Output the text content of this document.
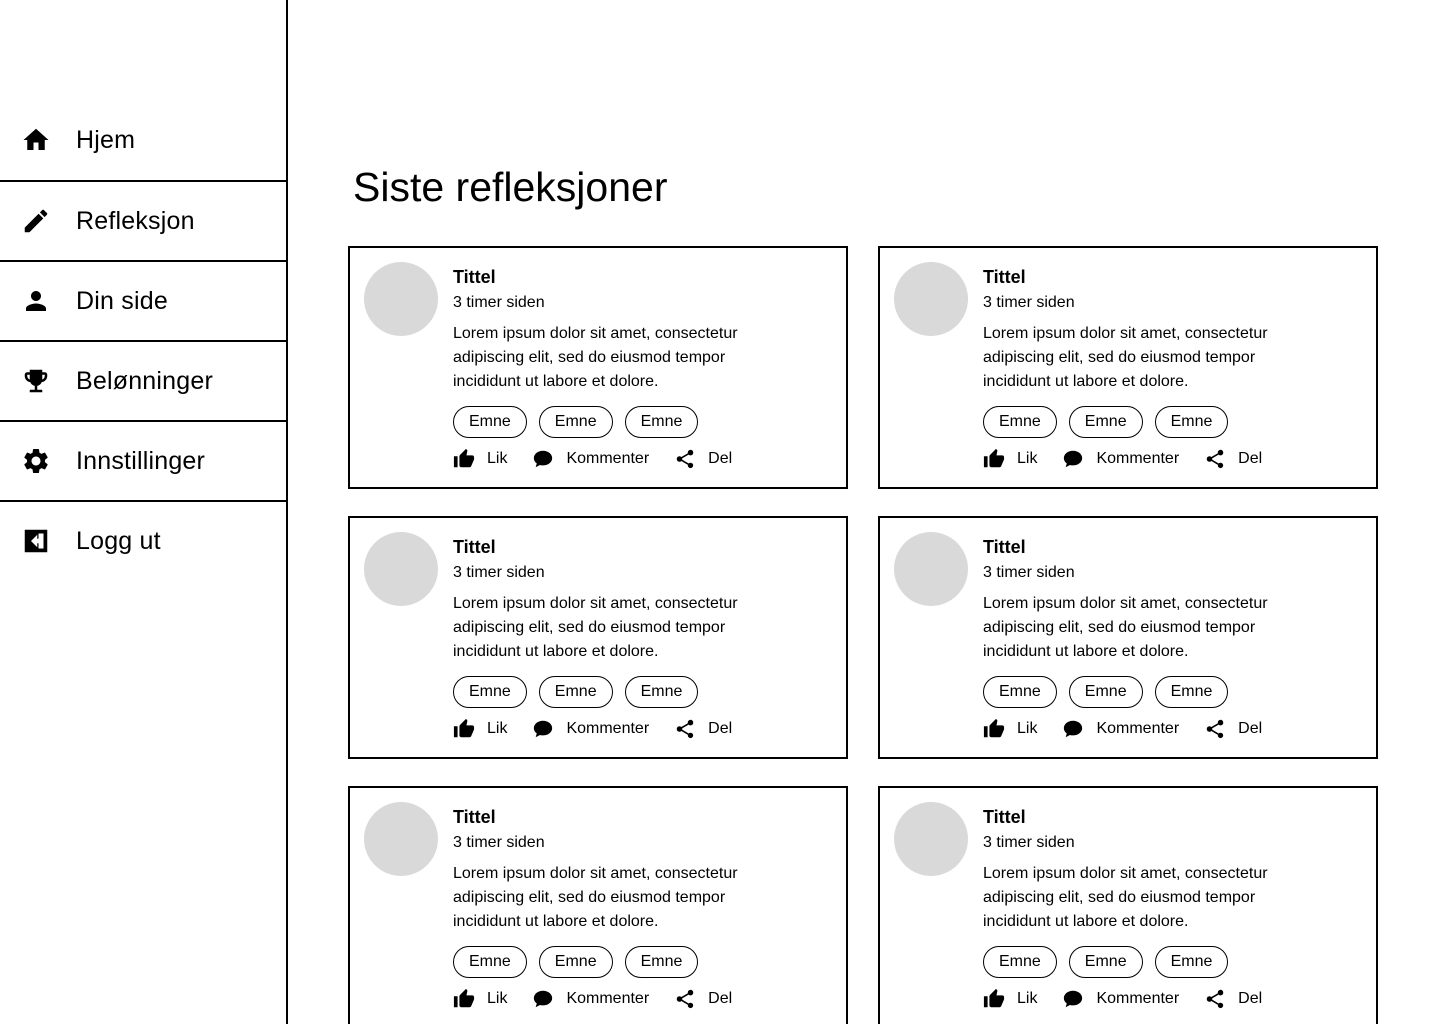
Hjem
Refleksjon
Din side
Belønninger
Innstillinger
Logg ut
Siste refleksjoner
Tittel
3 timer siden
Lorem ipsum dolor sit amet, consectetur adipiscing elit, sed do eiusmod tempor incididunt ut labore et dolore.
Emne	Emne	Emne
Lik	Kommenter	Del
Tittel
3 timer siden
Lorem ipsum dolor sit amet, consectetur adipiscing elit, sed do eiusmod tempor incididunt ut labore et dolore.
Emne	Emne	Emne
Lik	Kommenter	Del
Tittel
3 timer siden
Lorem ipsum dolor sit amet, consectetur adipiscing elit, sed do eiusmod tempor incididunt ut labore et dolore.
Emne	Emne	Emne
Lik	Kommenter	Del
Tittel
3 timer siden
Lorem ipsum dolor sit amet, consectetur adipiscing elit, sed do eiusmod tempor incididunt ut labore et dolore.
Emne	Emne	Emne
Lik	Kommenter	Del
Tittel
3 timer siden
Lorem ipsum dolor sit amet, consectetur adipiscing elit, sed do eiusmod tempor incididunt ut labore et dolore.
Emne	Emne	Emne
Lik	Kommenter	Del
Tittel
3 timer siden
Lorem ipsum dolor sit amet, consectetur adipiscing elit, sed do eiusmod tempor incididunt ut labore et dolore.
Emne	Emne	Emne
Lik	Kommenter	Del
